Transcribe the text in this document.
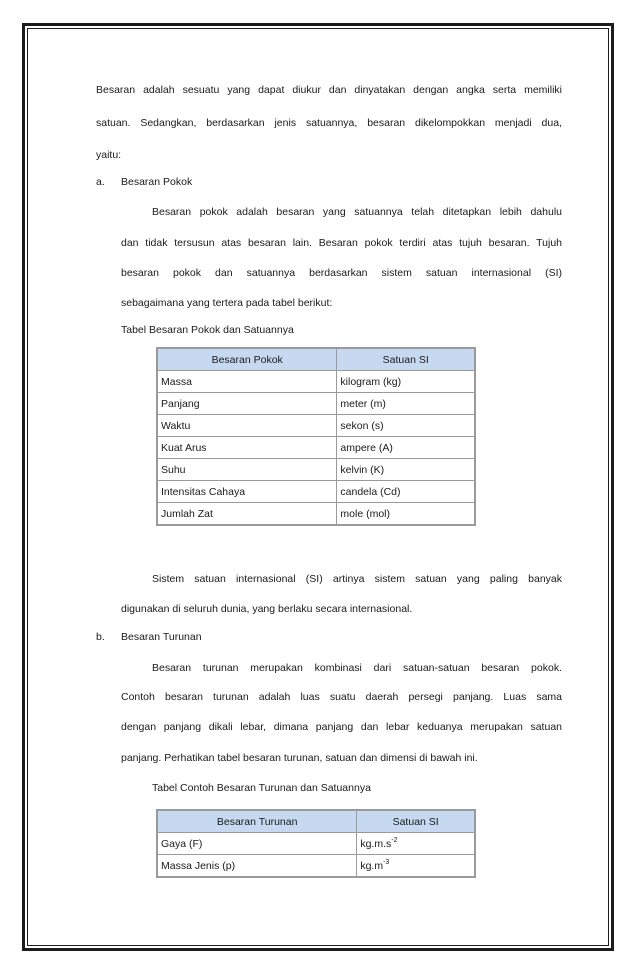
Besaran adalah sesuatu yang dapat diukur dan dinyatakan dengan angka serta memiliki
satuan. Sedangkan, berdasarkan jenis satuannya, besaran dikelompokkan menjadi dua,
yaitu:
a. Besaran Pokok
Besaran pokok adalah besaran yang satuannya telah ditetapkan lebih dahulu
dan tidak tersusun atas besaran lain. Besaran pokok terdiri atas tujuh besaran. Tujuh
besaran pokok dan satuannya berdasarkan sistem satuan internasional (SI)
sebagaimana yang tertera pada tabel berikut:
Tabel Besaran Pokok dan Satuannya
Besaran Pokok	Satuan SI
Massa	kilogram (kg)
Panjang	meter (m)
Waktu	sekon (s)
Kuat Arus	ampere (A)
Suhu	kelvin (K)
Intensitas Cahaya	candela (Cd)
Jumlah Zat	mole (mol)
Sistem satuan internasional (SI) artinya sistem satuan yang paling banyak
digunakan di seluruh dunia, yang berlaku secara internasional.
b. Besaran Turunan
Besaran turunan merupakan kombinasi dari satuan-satuan besaran pokok.
Contoh besaran turunan adalah luas suatu daerah persegi panjang. Luas sama
dengan panjang dikali lebar, dimana panjang dan lebar keduanya merupakan satuan
panjang. Perhatikan tabel besaran turunan, satuan dan dimensi di bawah ini.
Tabel Contoh Besaran Turunan dan Satuannya
Besaran Turunan	Satuan SI
Gaya (F)	$kg.m.s^{-2}$
Massa Jenis (p)	$kg.m^{-3}$
